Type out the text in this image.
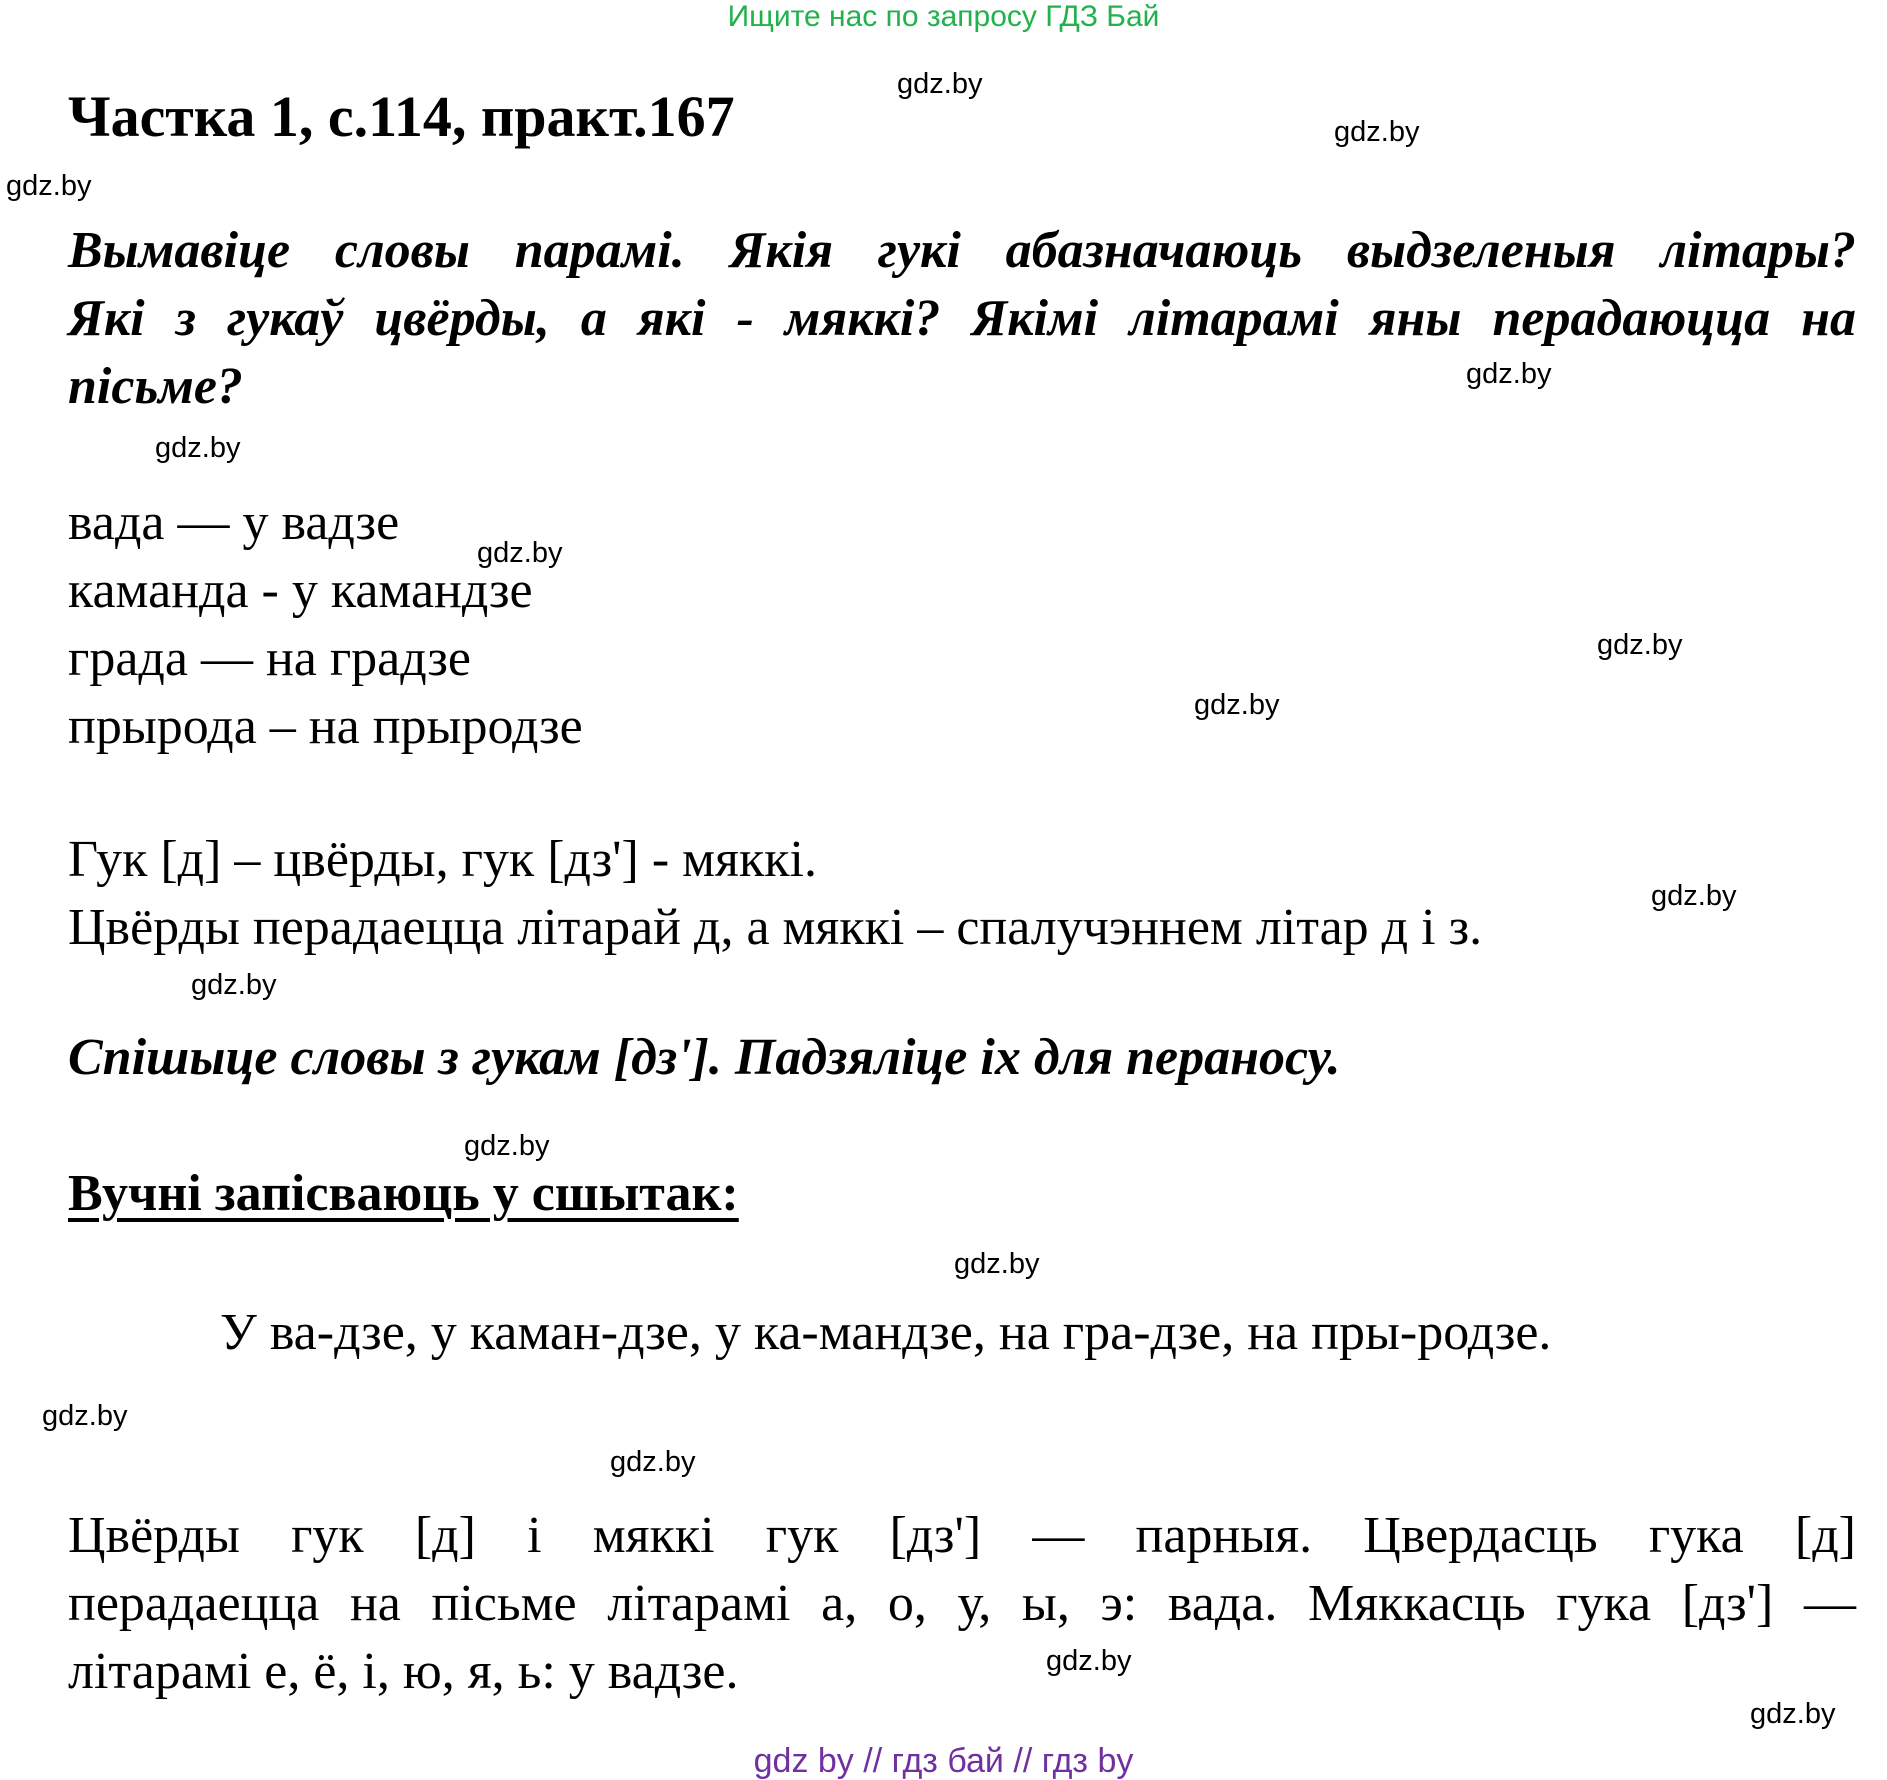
Ищите нас по запросу ГДЗ Бай
Частка 1, с.114, практ.167
Вымавіце словы парамі. Якія гукі абазначаюць выдзеленыя літары?
Які з гукаў цвёрды, а які - мяккі? Якімі літарамі яны перадаюцца на
пісьме?
вада — у вадзе
каманда - у камандзе
града — на градзе
прырода – на прыродзе
Гук [д] – цвёрды, гук [дз'] - мяккі.
Цвёрды перадаецца літарай д, а мяккі – спалучэннем літар д і з.
Спішыце словы з гукам [дз']. Падзяліце іх для пераносу.
Вучні запісваюць у сшытак:
У ва-дзе, у каман-дзе, у ка-мандзе, на гра-дзе, на пры-родзе.
Цвёрды гук [д] і мяккі гук [дз'] — парныя. Цвердасць гука [д]
перадаецца на пісьме літарамі а, о, у, ы, э: вада. Мяккасць гука [дз'] —
літарамі е, ё, і, ю, я, ь: у вадзе.
gdz.by
gdz.by
gdz.by
gdz.by
gdz.by
gdz.by
gdz.by
gdz.by
gdz.by
gdz.by
gdz.by
gdz.by
gdz.by
gdz.by
gdz.by
gdz.by
gdz by // гдз бай // гдз by
